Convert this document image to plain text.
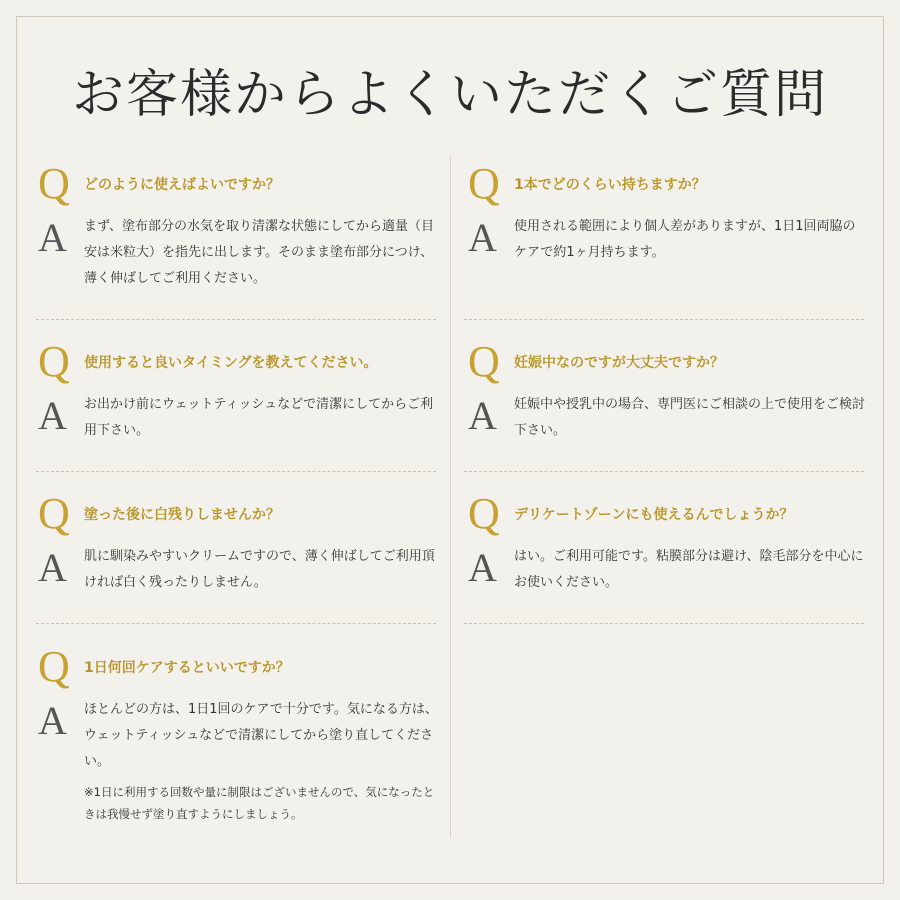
お客様からよくいただくご質問
Q どのように使えばよいですか？
A まず、塗布部分の水気を取り清潔な状態にしてから適量（目安は米粒大）を指先に出します。そのまま塗布部分につけ、薄く伸ばしてご利用ください。
Q 使用すると良いタイミングを教えてください。
A お出かけ前にウェットティッシュなどで清潔にしてからご利用下さい。
Q 塗った後に白残りしませんか？
A 肌に馴染みやすいクリームですので、薄く伸ばしてご利用頂ければ白く残ったりしません。
Q 1日何回ケアするといいですか？
A ほとんどの方は、1日1回のケアで十分です。気になる方は、ウェットティッシュなどで清潔にしてから塗り直してください。
※1日に利用する回数や量に制限はございませんので、気になったときは我慢せず塗り直すようにしましょう。
Q 1本でどのくらい持ちますか？
A 使用される範囲により個人差がありますが、1日1回両脇のケアで約1ヶ月持ちます。
Q 妊娠中なのですが大丈夫ですか？
A 妊娠中や授乳中の場合、専門医にご相談の上で使用をご検討下さい。
Q デリケートゾーンにも使えるんでしょうか？
A はい。ご利用可能です。粘膜部分は避け、陰毛部分を中心にお使いください。
